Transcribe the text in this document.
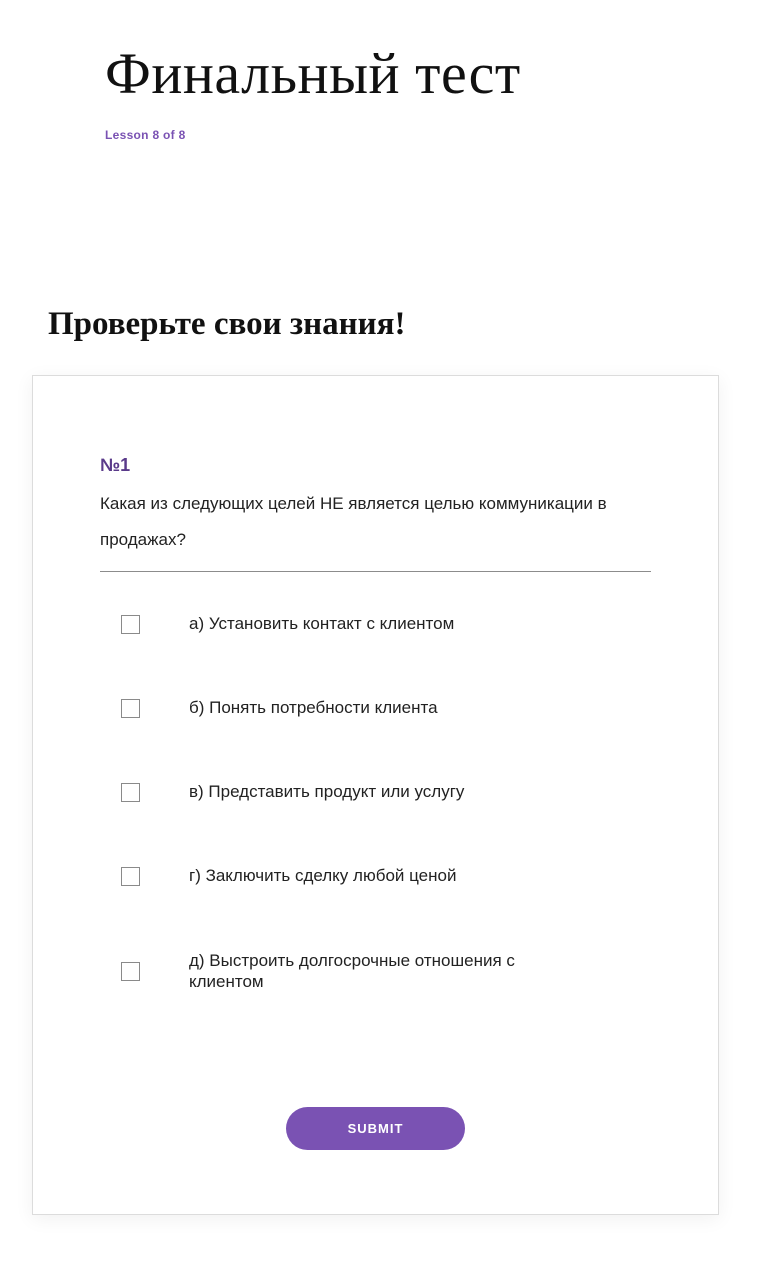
Финальный тест
Lesson 8 of 8
Проверьте свои знания!
№1

Какая из следующих целей НЕ является целью коммуникации в продажах?

а) Установить контакт с клиентом
б) Понять потребности клиента
в) Представить продукт или услугу
г) Заключить сделку любой ценой
д) Выстроить долгосрочные отношения с клиентом
SUBMIT
